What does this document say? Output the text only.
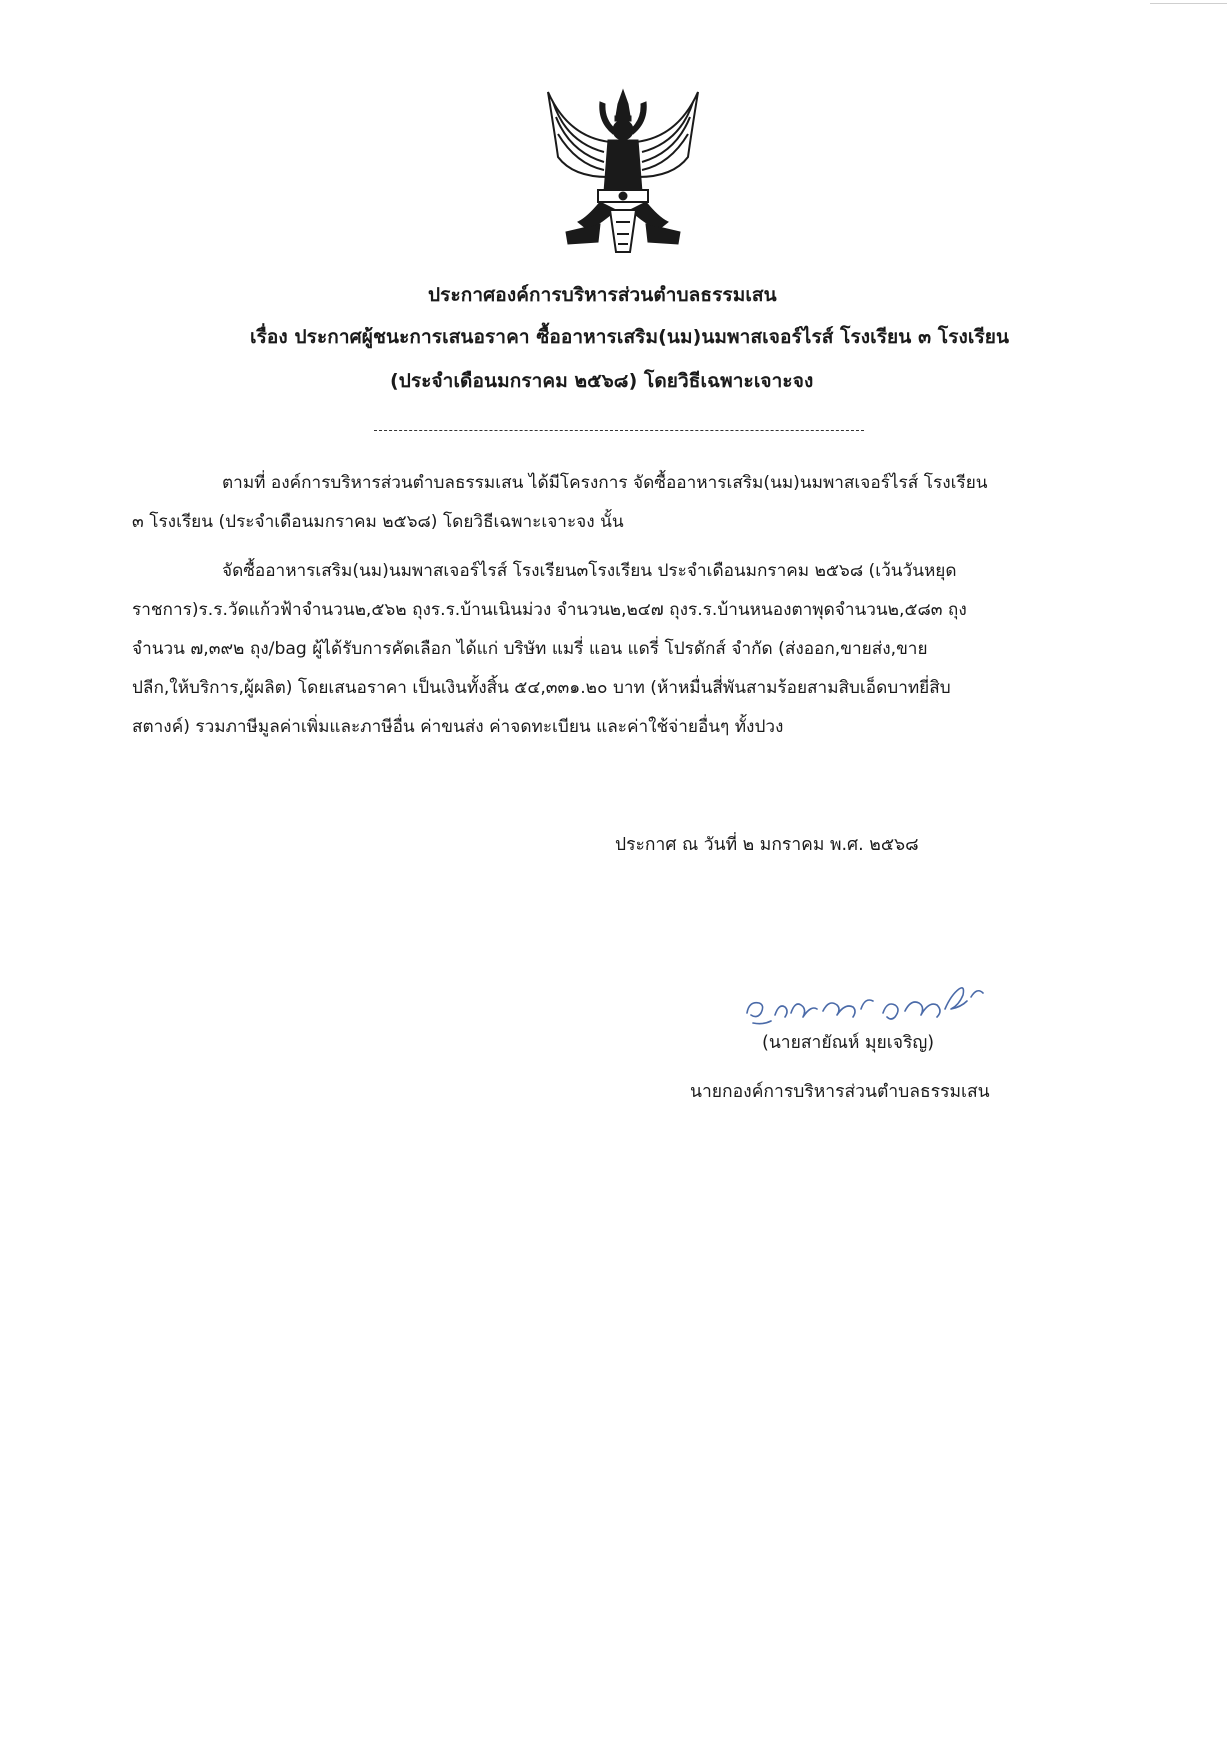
ประกาศองค์การบริหารส่วนตำบลธรรมเสน
เรื่อง ประกาศผู้ชนะการเสนอราคา ซื้ออาหารเสริม(นม)นมพาสเจอร์ไรส์ โรงเรียน ๓ โรงเรียน
(ประจำเดือนมกราคม ๒๕๖๘) โดยวิธีเฉพาะเจาะจง
ตามที่ องค์การบริหารส่วนตำบลธรรมเสน ได้มีโครงการ จัดซื้ออาหารเสริม(นม)นมพาสเจอร์ไรส์ โรงเรียน
๓ โรงเรียน (ประจำเดือนมกราคม ๒๕๖๘) โดยวิธีเฉพาะเจาะจง นั้น
จัดซื้ออาหารเสริม(นม)นมพาสเจอร์ไรส์ โรงเรียน๓โรงเรียน ประจำเดือนมกราคม ๒๕๖๘ (เว้นวันหยุด
ราชการ)ร.ร.วัดแก้วฟ้าจำนวน๒,๕๖๒ ถุงร.ร.บ้านเนินม่วง จำนวน๒,๒๔๗ ถุงร.ร.บ้านหนองตาพุดจำนวน๒,๕๘๓ ถุง
จำนวน ๗,๓๙๒ ถุง/bag ผู้ได้รับการคัดเลือก ได้แก่ บริษัท แมรี่ แอน แดรี่ โปรดักส์ จำกัด (ส่งออก,ขายส่ง,ขาย
ปลีก,ให้บริการ,ผู้ผลิต) โดยเสนอราคา เป็นเงินทั้งสิ้น ๕๔,๓๓๑.๒๐ บาท (ห้าหมื่นสี่พันสามร้อยสามสิบเอ็ดบาทยี่สิบ
สตางค์) รวมภาษีมูลค่าเพิ่มและภาษีอื่น ค่าขนส่ง ค่าจดทะเบียน และค่าใช้จ่ายอื่นๆ ทั้งปวง
ประกาศ ณ วันที่ ๒ มกราคม พ.ศ. ๒๕๖๘
(นายสายัณห์ มุยเจริญ)
นายกองค์การบริหารส่วนตำบลธรรมเสน
